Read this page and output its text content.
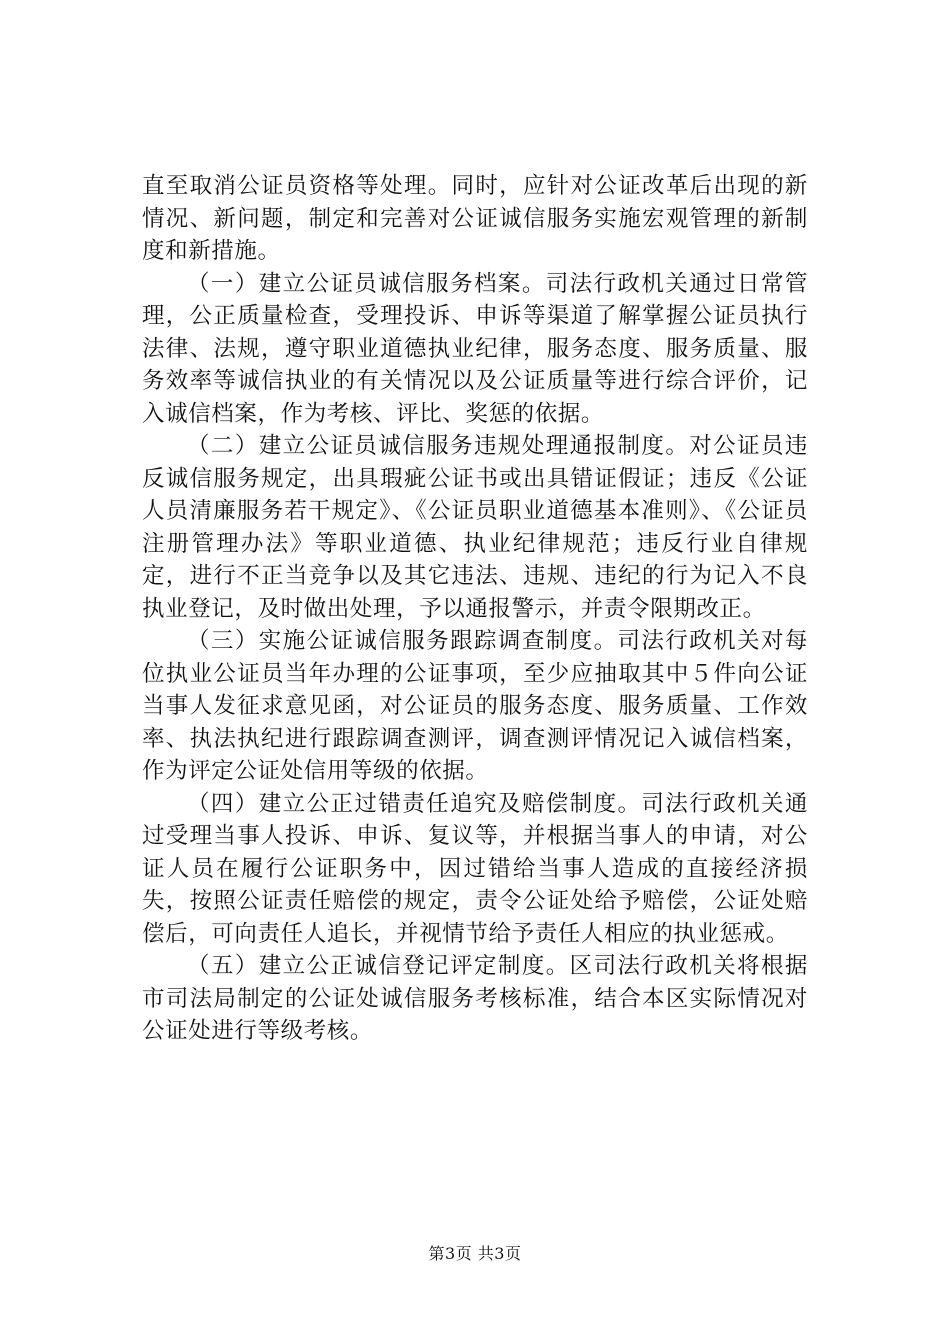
直至取消公证员资格等处理。同时，应针对公证改革后出现的新情况、新问题，制定和完善对公证诚信服务实施宏观管理的新制度和新措施。

（一）建立公证员诚信服务档案。司法行政机关通过日常管理，公正质量检查，受理投诉、申诉等渠道了解掌握公证员执行法律、法规，遵守职业道德执业纪律，服务态度、服务质量、服务效率等诚信执业的有关情况以及公证质量等进行综合评价，记入诚信档案，作为考核、评比、奖惩的依据。

（二）建立公证员诚信服务违规处理通报制度。对公证员违反诚信服务规定，出具瑕疵公证书或出具错证假证；违反《公证人员清廉服务若干规定》、《公证员职业道德基本准则》、《公证员注册管理办法》等职业道德、执业纪律规范；违反行业自律规定，进行不正当竞争以及其它违法、违规、违纪的行为记入不良执业登记，及时做出处理，予以通报警示，并责令限期改正。

（三）实施公证诚信服务跟踪调查制度。司法行政机关对每位执业公证员当年办理的公证事项，至少应抽取其中５件向公证当事人发征求意见函，对公证员的服务态度、服务质量、工作效率、执法执纪进行跟踪调查测评，调查测评情况记入诚信档案，作为评定公证处信用等级的依据。

（四）建立公正过错责任追究及赔偿制度。司法行政机关通过受理当事人投诉、申诉、复议等，并根据当事人的申请，对公证人员在履行公证职务中，因过错给当事人造成的直接经济损失，按照公证责任赔偿的规定，责令公证处给予赔偿，公证处赔偿后，可向责任人追长，并视情节给予责任人相应的执业惩戒。

（五）建立公正诚信登记评定制度。区司法行政机关将根据市司法局制定的公证处诚信服务考核标准，结合本区实际情况对公证处进行等级考核。

第3页 共3页
